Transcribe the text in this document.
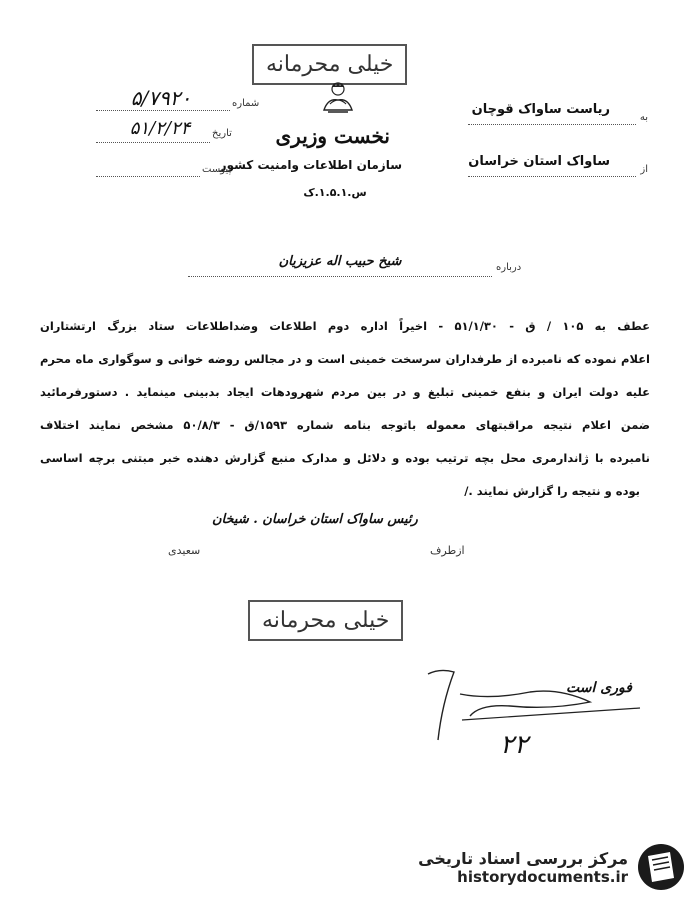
خیلی محرمانه
نخست وزیری
سازمان اطلاعات وامنیت کشور
س.۱.۵.۱.ک
شماره
۵/۷۹۲۰
تاریخ
۵۱/۲/۲۴
پیوست
به
ریاست ساواک قوچان
از
ساواک استان خراسان
درباره
شیخ حبیب اله عزیزیان
عطف به ۱۰۵ / ق - ۵۱/۱/۳۰ - اخیراً اداره دوم اطلاعات وضداطلاعات ستاد بزرگ ارتشتاران
اعلام نموده که نامبرده از طرفداران سرسخت خمینی است و در مجالس روضه خوانی و سوگواری ماه محرم
علیه دولت ایران و بنفع خمینی تبلیغ و در بین مردم شهرودهات ایجاد بدبینی مینماید . دستورفرمائید
ضمن اعلام نتیجه مراقبتهای معموله باتوجه بنامه شماره ۱۵۹۳/ق - ۵۰/۸/۳ مشخص نمایند اختلاف
نامبرده با ژاندارمری محل بچه ترتیب بوده و دلائل و مدارک منبع گزارش دهنده خبر مبتنی برچه اساسی
بوده و نتیجه را گزارش نمایند ./
رئیس ساواک استان خراسان . شیخان
ازطرف
سعیدی
خیلی محرمانه
فوری است
۲۲
مرکز بررسی اسناد تاریخی
historydocuments.ir
